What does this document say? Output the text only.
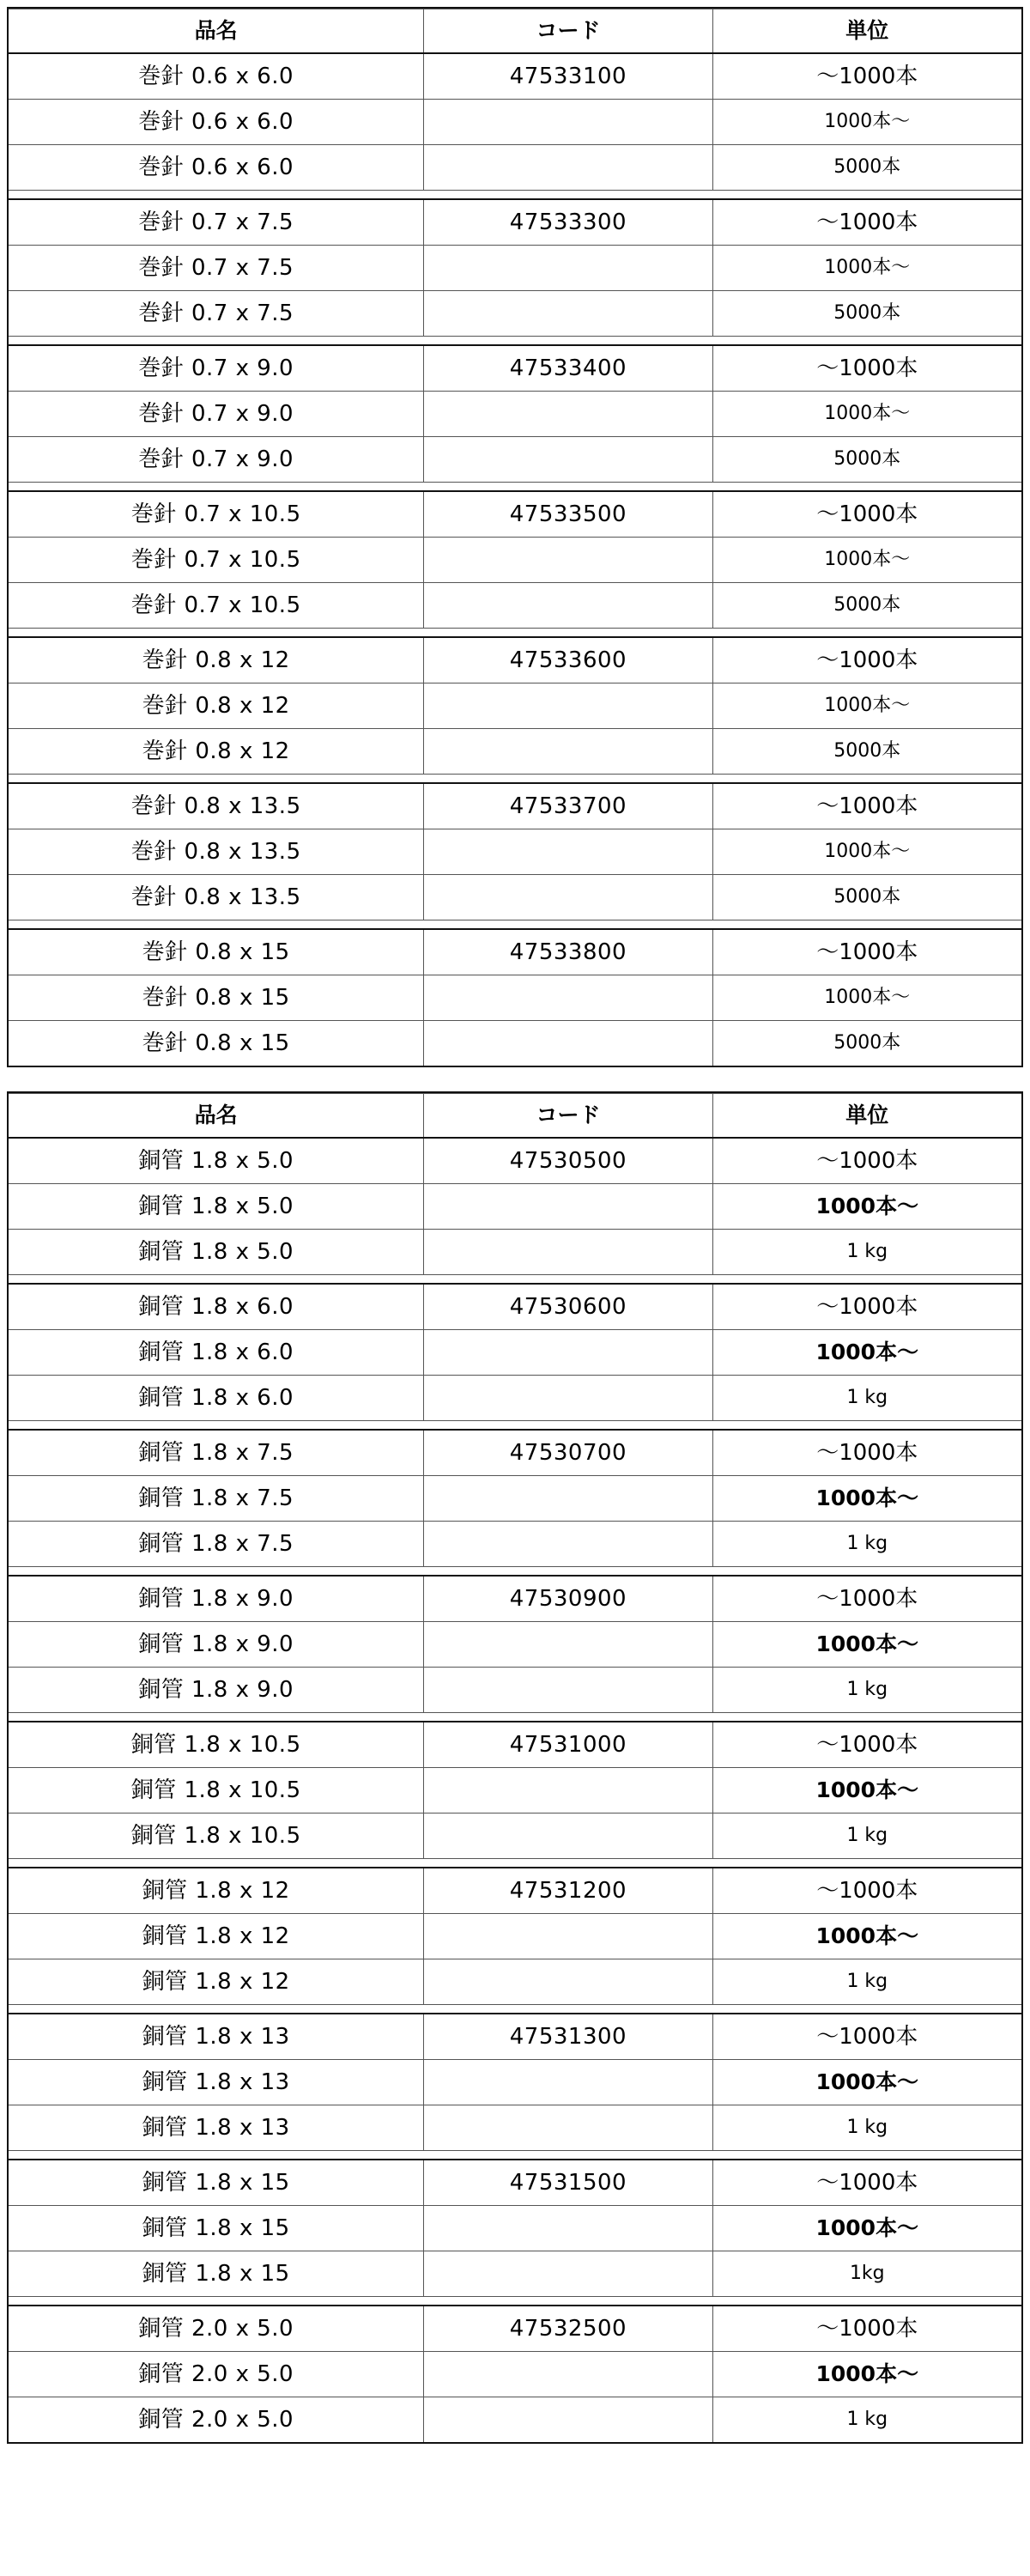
品名	コード	単位
巻針 0.6 x 6.0	47533100	～1000本
巻針 0.6 x 6.0		1000本～
巻針 0.6 x 6.0		5000本

巻針 0.7 x 7.5	47533300	～1000本
巻針 0.7 x 7.5		1000本～
巻針 0.7 x 7.5		5000本

巻針 0.7 x 9.0	47533400	～1000本
巻針 0.7 x 9.0		1000本～
巻針 0.7 x 9.0		5000本

巻針 0.7 x 10.5	47533500	～1000本
巻針 0.7 x 10.5		1000本～
巻針 0.7 x 10.5		5000本

巻針 0.8 x 12	47533600	～1000本
巻針 0.8 x 12		1000本～
巻針 0.8 x 12		5000本

巻針 0.8 x 13.5	47533700	～1000本
巻針 0.8 x 13.5		1000本～
巻針 0.8 x 13.5		5000本

巻針 0.8 x 15	47533800	～1000本
巻針 0.8 x 15		1000本～
巻針 0.8 x 15		5000本
品名	コード	単位
銅管 1.8 x 5.0	47530500	～1000本
銅管 1.8 x 5.0		1000本～
銅管 1.8 x 5.0		1 kg

銅管 1.8 x 6.0	47530600	～1000本
銅管 1.8 x 6.0		1000本～
銅管 1.8 x 6.0		1 kg

銅管 1.8 x 7.5	47530700	～1000本
銅管 1.8 x 7.5		1000本～
銅管 1.8 x 7.5		1 kg

銅管 1.8 x 9.0	47530900	～1000本
銅管 1.8 x 9.0		1000本～
銅管 1.8 x 9.0		1 kg

銅管 1.8 x 10.5	47531000	～1000本
銅管 1.8 x 10.5		1000本～
銅管 1.8 x 10.5		1 kg

銅管 1.8 x 12	47531200	～1000本
銅管 1.8 x 12		1000本～
銅管 1.8 x 12		1 kg

銅管 1.8 x 13	47531300	～1000本
銅管 1.8 x 13		1000本～
銅管 1.8 x 13		1 kg

銅管 1.8 x 15	47531500	～1000本
銅管 1.8 x 15		1000本～
銅管 1.8 x 15		1kg

銅管 2.0 x 5.0	47532500	～1000本
銅管 2.0 x 5.0		1000本～
銅管 2.0 x 5.0		1 kg
